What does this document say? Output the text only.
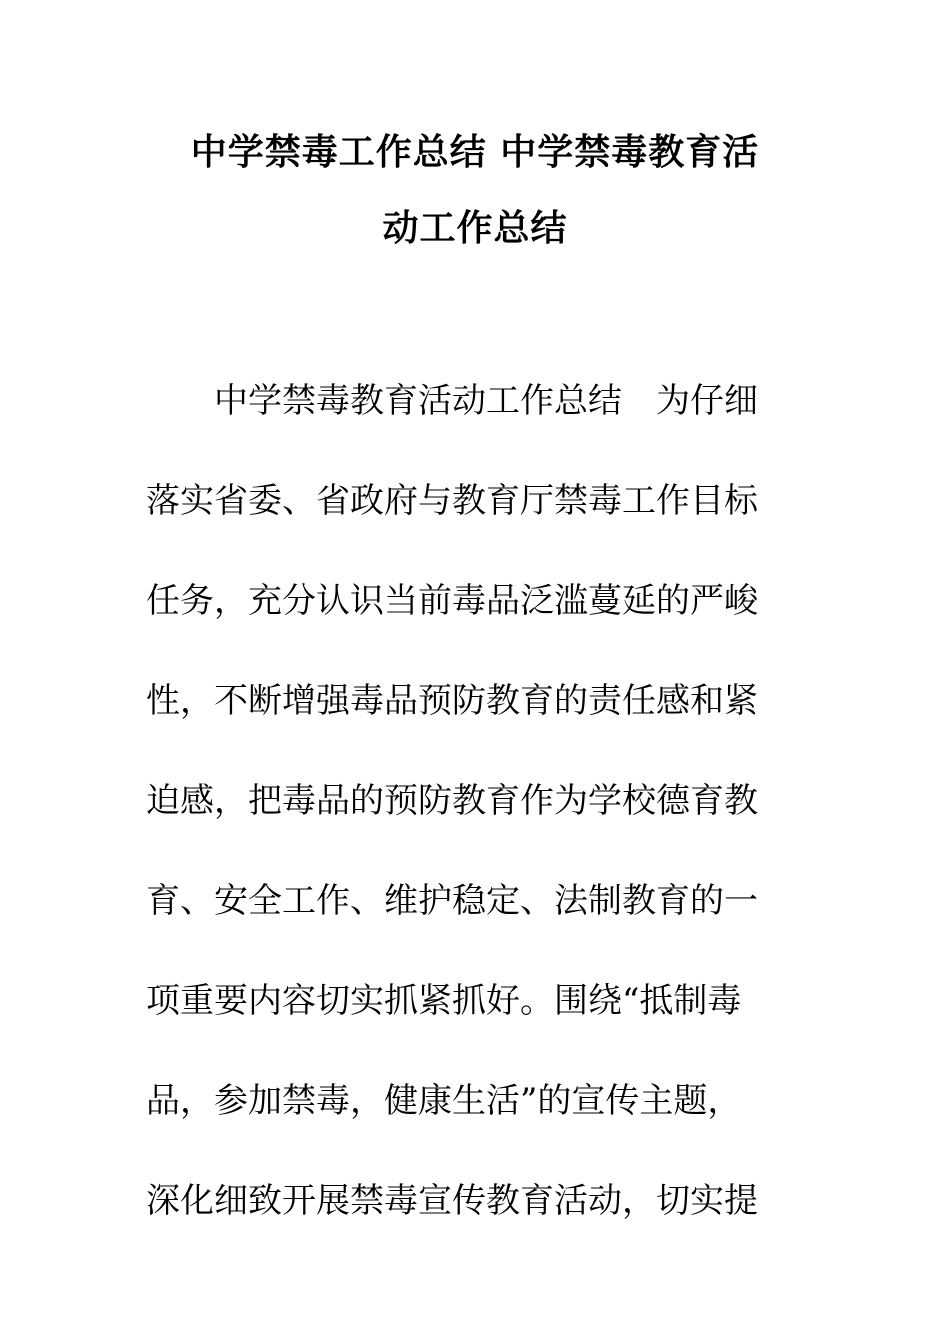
中学禁毒工作总结 中学禁毒教育活
动工作总结
中学禁毒教育活动工作总结　为仔细
落实省委、省政府与教育厅禁毒工作目标
任务，充分认识当前毒品泛滥蔓延的严峻
性，不断增强毒品预防教育的责任感和紧
迫感，把毒品的预防教育作为学校德育教
育、安全工作、维护稳定、法制教育的一
项重要内容切实抓紧抓好。围绕“抵制毒
品，参加禁毒，健康生活”的宣传主题，
深化细致开展禁毒宣传教育活动，切实提
